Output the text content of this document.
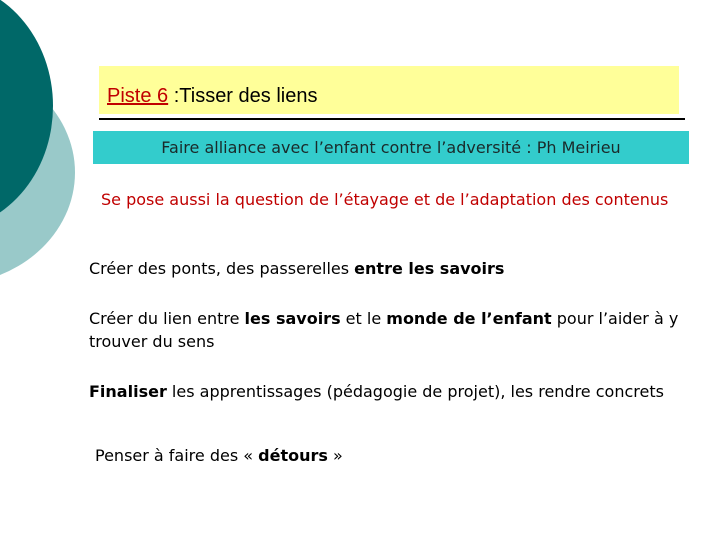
Piste 6 :Tisser des liens
Faire alliance avec l’enfant contre l’adversité : Ph Meirieu
Se pose aussi la question de l’étayage et de l’adaptation des contenus
Créer des ponts, des passerelles entre les savoirs
Créer du lien entre les savoirs et le monde de l’enfant pour l’aider à y trouver du sens
Finaliser les apprentissages (pédagogie de projet), les rendre concrets
Penser à faire des « détours »
